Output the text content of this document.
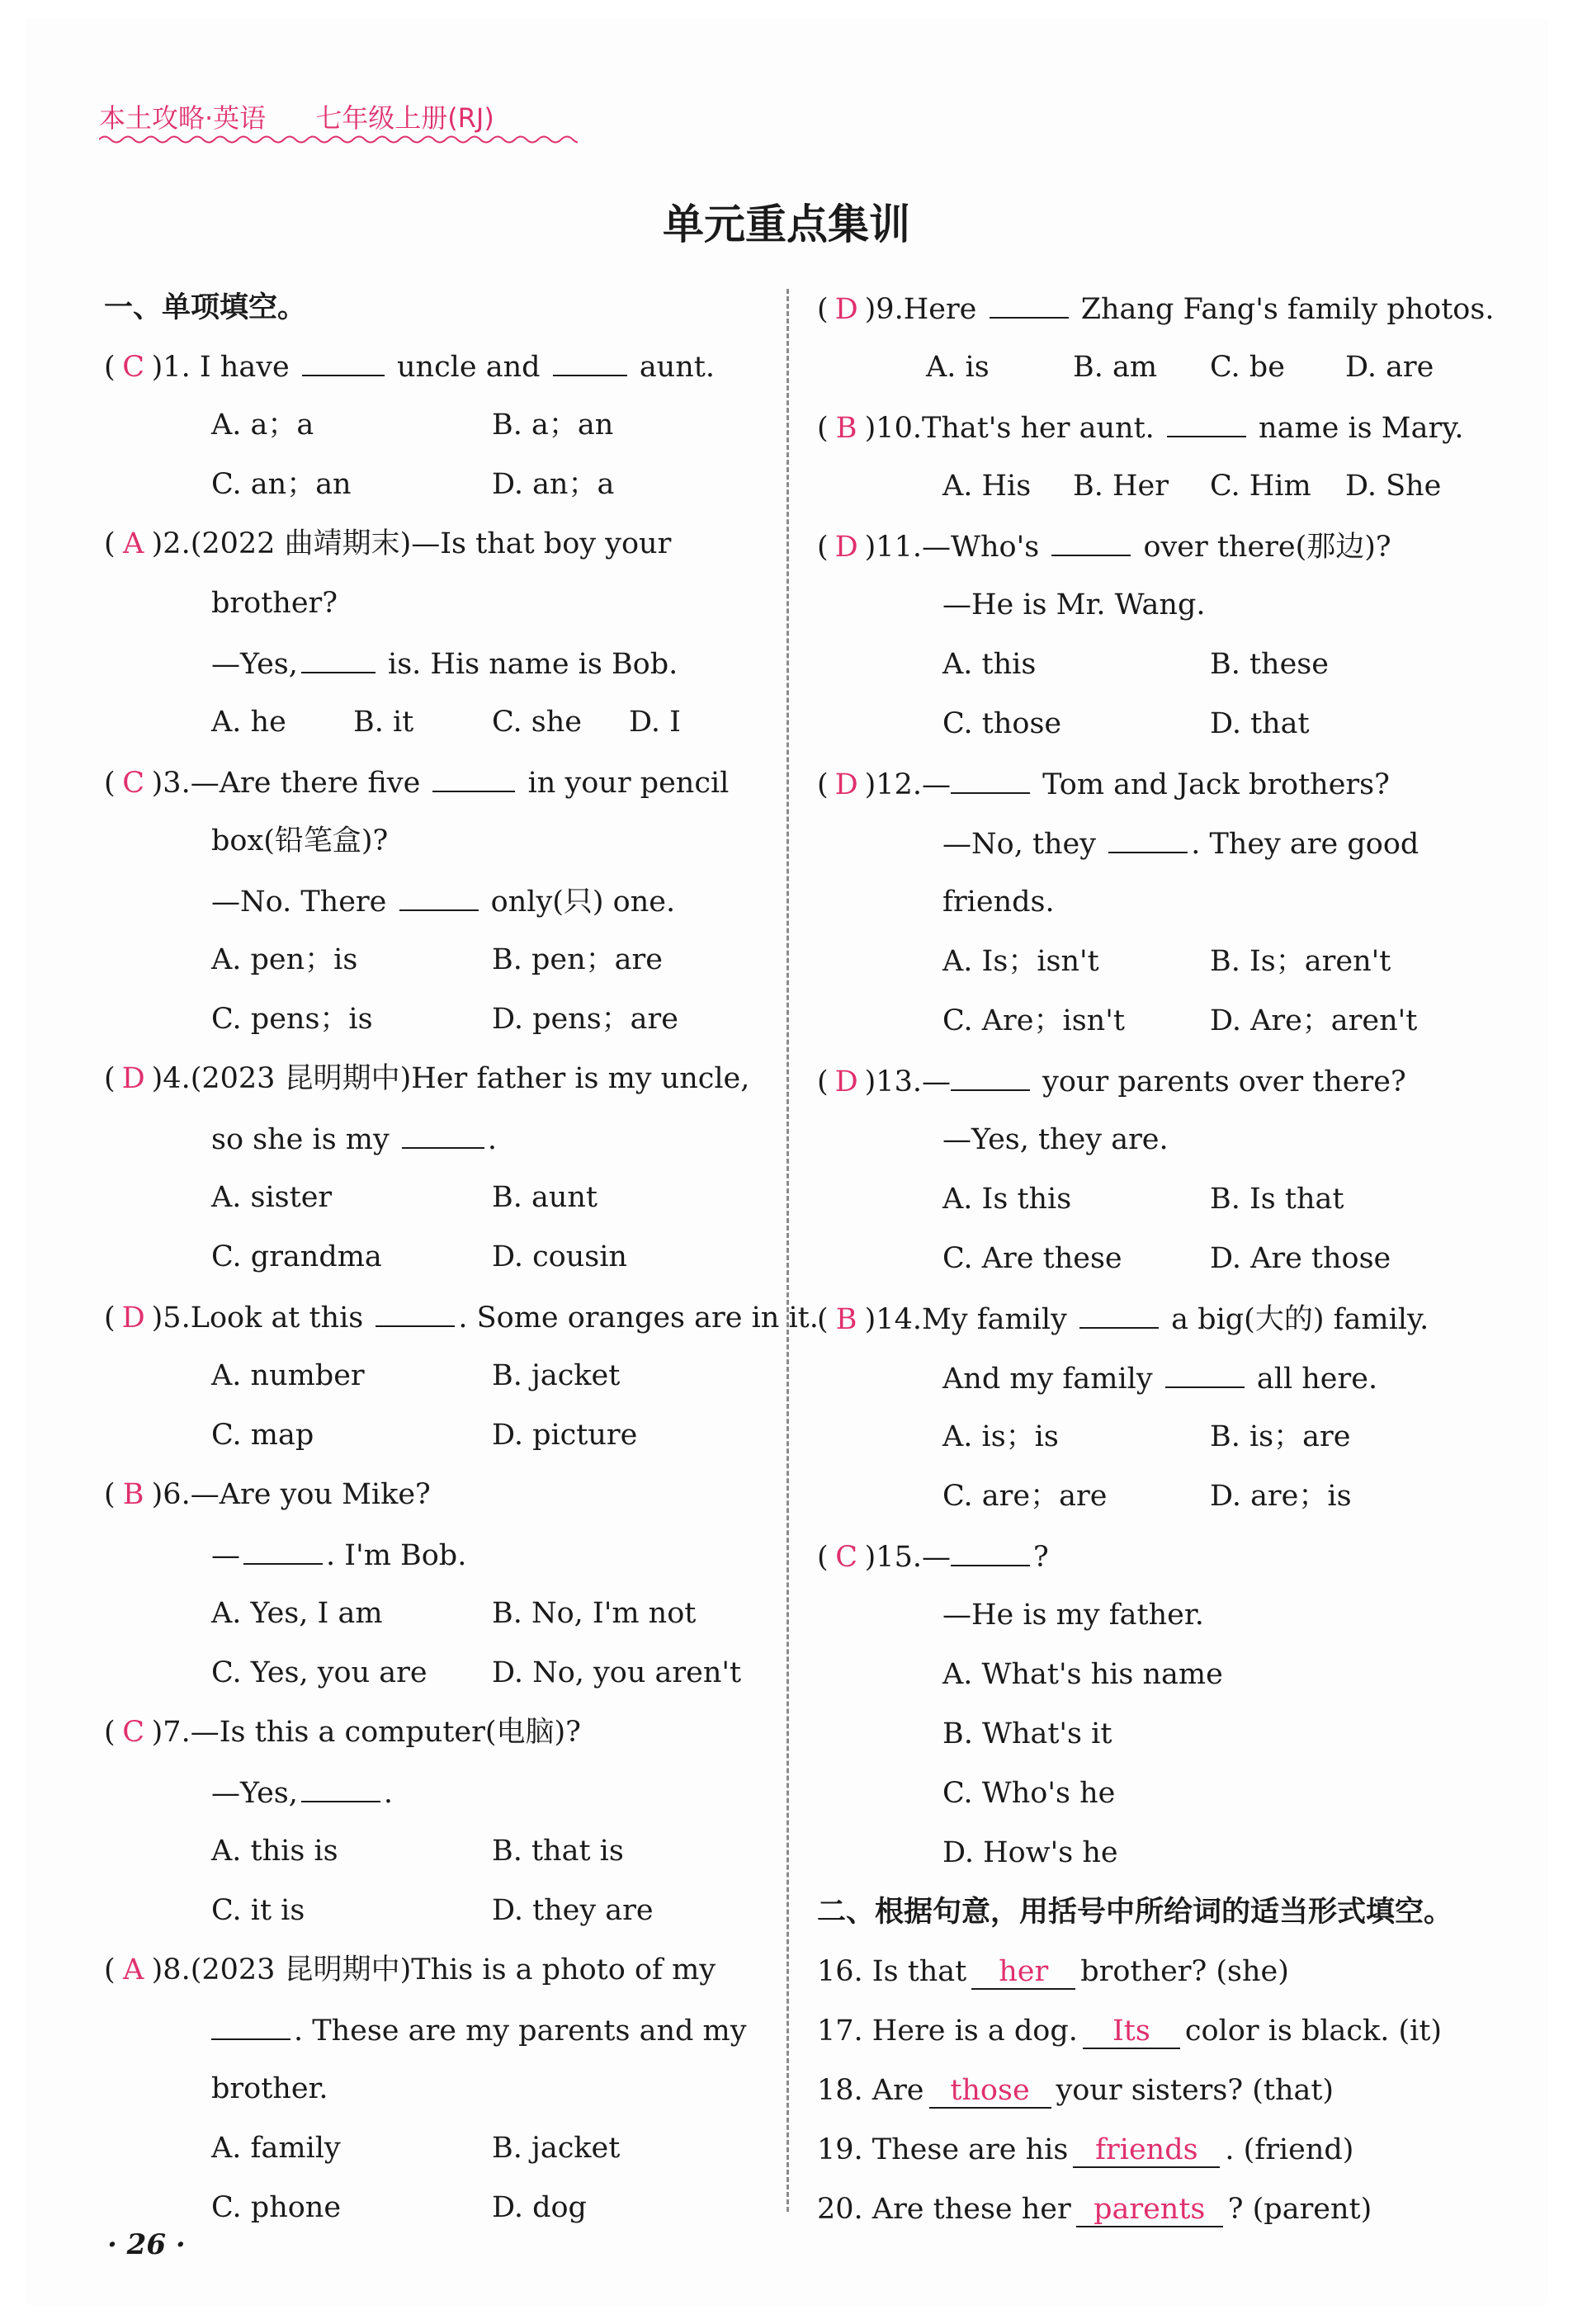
本土攻略·英语 七年级上册(RJ)
单元重点集训
一、单项填空。
( C )1. I have	uncle and	aunt.
A. a；a	B. a；an
C. an；an	D. an；a
( A )2.(2022 曲靖期末)—Is that boy your
brother?
—Yes,	is. His name is Bob.
A. he B. it	C. she D. I
( C )3.—Are there five	in your pencil
box(铅笔盒)?
—No. There	only(只) one.
A. pen；is	B. pen；are
C. pens；is	D. pens；are
( D )4.(2023 昆明期中)Her father is my uncle,
so she is my	.
A. sister	B. aunt
C. grandma	D. cousin
( D )5.Look at this	. Some oranges are in it.
A. number	B. jacket
C. map	D. picture
( B )6.—Are you Mike?
—	. I'm Bob.
A. Yes, I am	B. No, I'm not
C. Yes, you are D. No, you aren't
( C )7.—Is this a computer(电脑)?
—Yes,	.
A. this is	B. that is
C. it is	D. they are
( A )8.(2023 昆明期中)This is a photo of my
. These are my parents and my
brother.
A. family	B. jacket
C. phone	D. dog
( D )9.Here	Zhang Fang's family photos.
A. is	B. am C. be D. are
( B )10.That's her aunt.	name is Mary.
A. His B. Her C. Him D. She
( D )11.—Who's	over there(那边)?
—He is Mr. Wang.
A. this	B. these
C. those	D. that
( D )12.—	Tom and Jack brothers?
—No, they	. They are good
friends.
A. Is；isn't	B. Is；aren't
C. Are；isn't	D. Are；aren't
( D )13.—	your parents over there?
—Yes, they are.
A. Is this	B. Is that
C. Are these	D. Are those
( B )14.My family	a big(大的) family.
And my family	all here.
A. is；is	B. is；are
C. are；are	D. are；is
( C )15.—	?
—He is my father.
A. What's his name
B. What's it
C. Who's he
D. How's he
二、根据句意，用括号中所给词的适当形式填空。
16. Is that her brother? (she)
17. Here is a dog. Its color is black. (it)
18. Are those your sisters? (that)
19. These are his friends . (friend)
20. Are these her parents ? (parent)
· 26 ·
